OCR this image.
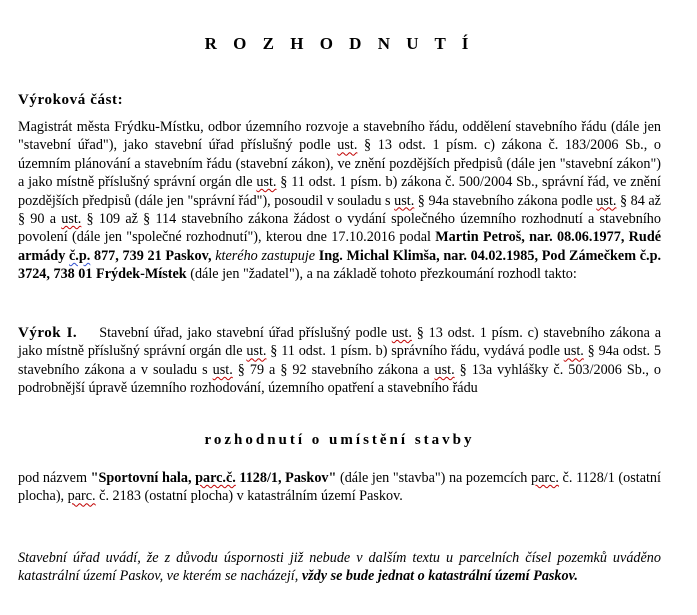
R O Z H O D N U T Í
Výroková část:
Magistrát města Frýdku-Místku, odbor územního rozvoje a stavebního řádu, oddělení stavebního řádu (dále jen "stavební úřad"), jako stavební úřad příslušný podle ust. § 13 odst. 1 písm. c) zákona č. 183/2006 Sb., o územním plánování a stavebním řádu (stavební zákon), ve znění pozdějších předpisů (dále jen "stavební zákon") a jako místně příslušný správní orgán dle ust. § 11 odst. 1 písm. b) zákona č. 500/2004 Sb., správní řád, ve znění pozdějších předpisů (dále jen "správní řád"), posoudil v souladu s ust. § 94a stavebního zákona podle ust. § 84 až § 90 a ust. § 109 až § 114 stavebního zákona žádost o vydání společného územního rozhodnutí a stavebního povolení (dále jen "společné rozhodnutí"), kterou dne 17.10.2016 podal Martin Petroš, nar. 08.06.1977, Rudé armády č.p. 877, 739 21 Paskov, kterého zastupuje Ing. Michal Klimša, nar. 04.02.1985, Pod Zámečkem č.p. 3724, 738 01 Frýdek-Místek (dále jen "žadatel"), a na základě tohoto přezkoumání rozhodl takto:
Výrok I. Stavební úřad, jako stavební úřad příslušný podle ust. § 13 odst. 1 písm. c) stavebního zákona a jako místně příslušný správní orgán dle ust. § 11 odst. 1 písm. b) správního řádu, vydává podle ust. § 94a odst. 5 stavebního zákona a v souladu s ust. § 79 a § 92 stavebního zákona a ust. § 13a vyhlášky č. 503/2006 Sb., o podrobnější úpravě územního rozhodování, územního opatření a stavebního řádu
rozhodnutí o umístění stavby
pod názvem "Sportovní hala, parc.č. 1128/1, Paskov" (dále jen "stavba") na pozemcích parc. č. 1128/1 (ostatní plocha), parc. č. 2183 (ostatní plocha) v katastrálním území Paskov.
Stavební úřad uvádí, že z důvodu úspornosti již nebude v dalším textu u parcelních čísel pozemků uváděno katastrální území Paskov, ve kterém se nacházejí, vždy se bude jednat o katastrální území Paskov.
